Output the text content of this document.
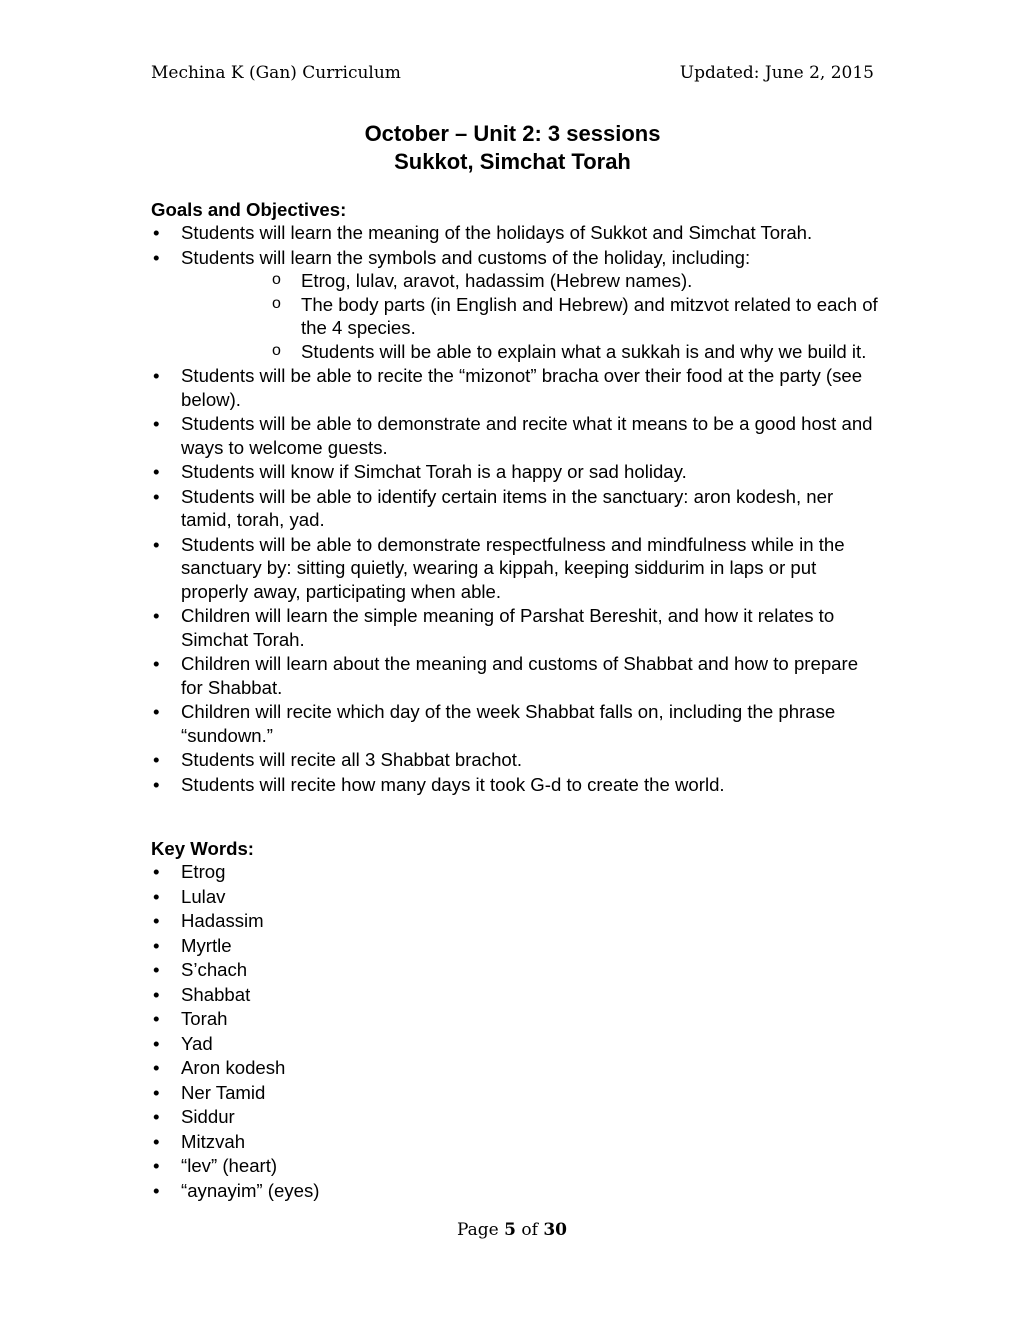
Mechina K (Gan) Curriculum	Updated: June 2, 2015
October – Unit 2: 3 sessions
Sukkot, Simchat Torah

Goals and Objectives:

• Students will learn the meaning of the holidays of Sukkot and Simchat Torah.
• Students will learn the symbols and customs of the holiday, including:
o Etrog, lulav, aravot, hadassim (Hebrew names).
o The body parts (in English and Hebrew) and mitzvot related to each of the 4 species.
o Students will be able to explain what a sukkah is and why we build it.
• Students will be able to recite the “mizonot” bracha over their food at the party (see below).
• Students will be able to demonstrate and recite what it means to be a good host and ways to welcome guests.
• Students will know if Simchat Torah is a happy or sad holiday.
• Students will be able to identify certain items in the sanctuary: aron kodesh, ner tamid, torah, yad.
• Students will be able to demonstrate respectfulness and mindfulness while in the sanctuary by: sitting quietly, wearing a kippah, keeping siddurim in laps or put properly away, participating when able.
• Children will learn the simple meaning of Parshat Bereshit, and how it relates to Simchat Torah.
• Children will learn about the meaning and customs of Shabbat and how to prepare for Shabbat.
• Children will recite which day of the week Shabbat falls on, including the phrase “sundown.”
• Students will recite all 3 Shabbat brachot.
• Students will recite how many days it took G-d to create the world.

Key Words:

• Etrog
• Lulav
• Hadassim
• Myrtle
• S’chach
• Shabbat
• Torah
• Yad
• Aron kodesh
• Ner Tamid
• Siddur
• Mitzvah
• “lev” (heart)
• “aynayim” (eyes)
Page 5 of 30
